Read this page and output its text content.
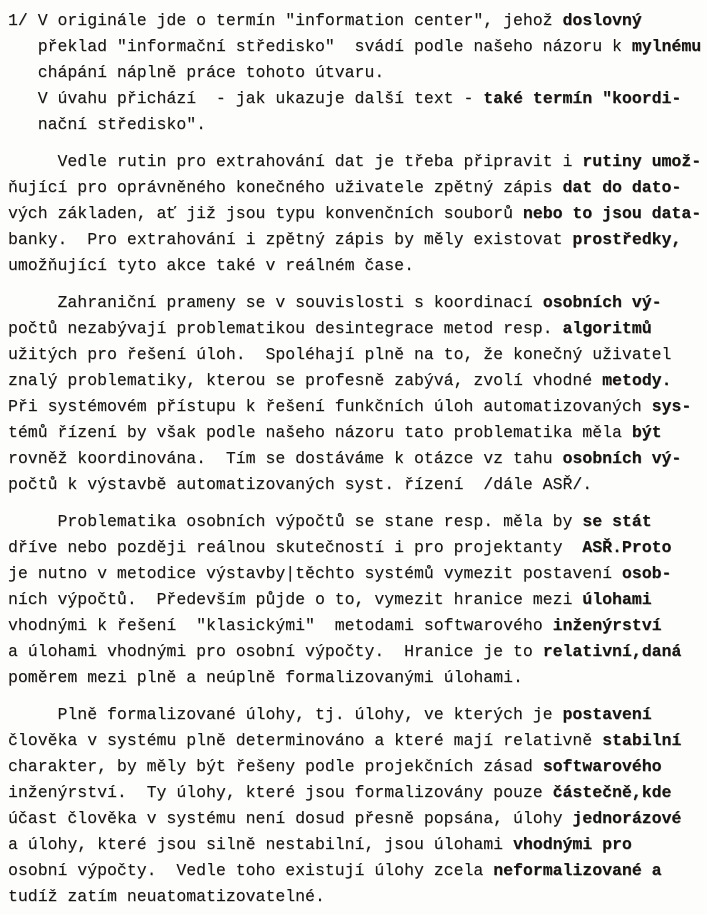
1/ V originále jde o termín "information center", jehož doslovný
překlad "informační středisko"  svádí podle našeho názoru k mylnému
chápání náplně práce tohoto útvaru.
V úvahu přichází  - jak ukazuje další text - také termín "koordi-
nační středisko".
Vedle rutin pro extrahování dat je třeba připravit i rutiny umož-
ňující pro oprávněného konečného uživatele zpětný zápis dat do dato-
vých základen, ať již jsou typu konvenčních souborů nebo to jsou data-
banky.  Pro extrahování i zpětný zápis by měly existovat prostředky,
umožňující tyto akce také v reálném čase.
Zahraniční prameny se v souvislosti s koordinací osobních vý-
počtů nezabývají problematikou desintegrace metod resp. algoritmů
užitých pro řešení úloh.  Spoléhají plně na to, že konečný uživatel
znalý problematiky, kterou se profesně zabývá, zvolí vhodné metody.
Při systémovém přístupu k řešení funkčních úloh automatizovaných sys-
témů řízení by však podle našeho názoru tato problematika měla být
rovněž koordinována.  Tím se dostáváme k otázce vz tahu osobních vý-
počtů k výstavbě automatizovaných syst. řízení  /dále ASŘ/.
Problematika osobních výpočtů se stane resp. měla by se stát
dříve nebo později reálnou skutečností i pro projektanty  ASŘ.Proto
je nutno v metodice výstavby|těchto systémů vymezit postavení osob-
ních výpočtů.  Především půjde o to, vymezit hranice mezi úlohami
vhodnými k řešení  "klasickými"  metodami softwarového inženýrství
a úlohami vhodnými pro osobní výpočty.  Hranice je to relativní,daná
poměrem mezi plně a neúplně formalizovanými úlohami.
Plně formalizované úlohy, tj. úlohy, ve kterých je postavení
člověka v systému plně determinováno a které mají relativně stabilní
charakter, by měly být řešeny podle projekčních zásad softwarového
inženýrství.  Ty úlohy, které jsou formalizovány pouze částečně,kde
účast člověka v systému není dosud přesně popsána, úlohy jednorázové
a úlohy, které jsou silně nestabilní, jsou úlohami vhodnými pro
osobní výpočty.  Vedle toho existují úlohy zcela neformalizované a
tudíž zatím neuatomatizovatelné.
